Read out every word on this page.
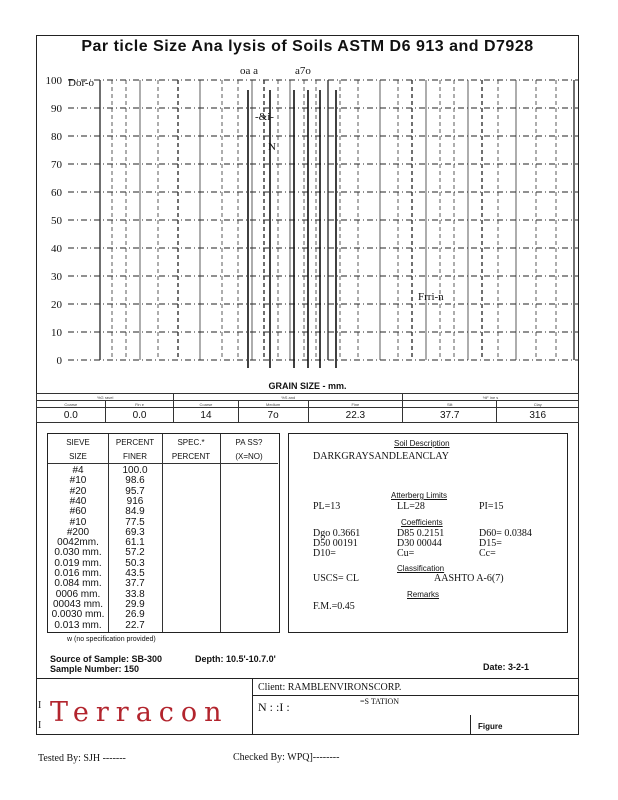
Par ticle Size Ana lysis of Soils ASTM D6 913 and D7928
0
10
20
30
40
50
60
70
80
90
100 Dor-o
oa a	a7o
-&i-
N
Frri-n
GRAIN SIZE - mm.
%G ravel		%S and			%F ine s	
Coarse	Fin e	Coarse	Medium	Fine	Silt	Clay
0.0	0.0	14	7o	22.3	37.7	316
SIEVE	PERCENT	SPEC.*	PA SS?
SIZE	FINER	PERCENT	(X=NO)
#4	100.0
#10	98.6
#20	95.7
#40	916
#60	84.9
#10	77.5
#200	69.3
0042mm.	61.1
0.030 mm.	57.2
0.019 mm.	50.3
0.016 mm.	43.5
0.084 mm.	37.7
0006 mm.	33.8
00043 mm.	29.9
0.0030 mm.	26.9
0.013 mm.	22.7
w (no specification provided)
Soil Description
DARKGRAYSANDLEANCLAY
Atterberg Limits
PL=13	LL=28	PI=15
Coefficients
Dgo 0.3661	D85 0.2151	D60= 0.0384
D50 00191	D30 00044	D15=
D10=	Cu=	Cc=
Classification
USCS= CL	AASHTO A-6(7)
Remarks
F.M.=0.45
Source of Sample: SB-300	Depth: 10.5'-10.7.0'
Sample Number: 150	Date: 3-2-1
I
I Terracon
Client: RAMBLENVIRONSCORP.
N : :I :	=S TATION
Figure
Tested By: SJH -------	Checked By: WPQ]--------
